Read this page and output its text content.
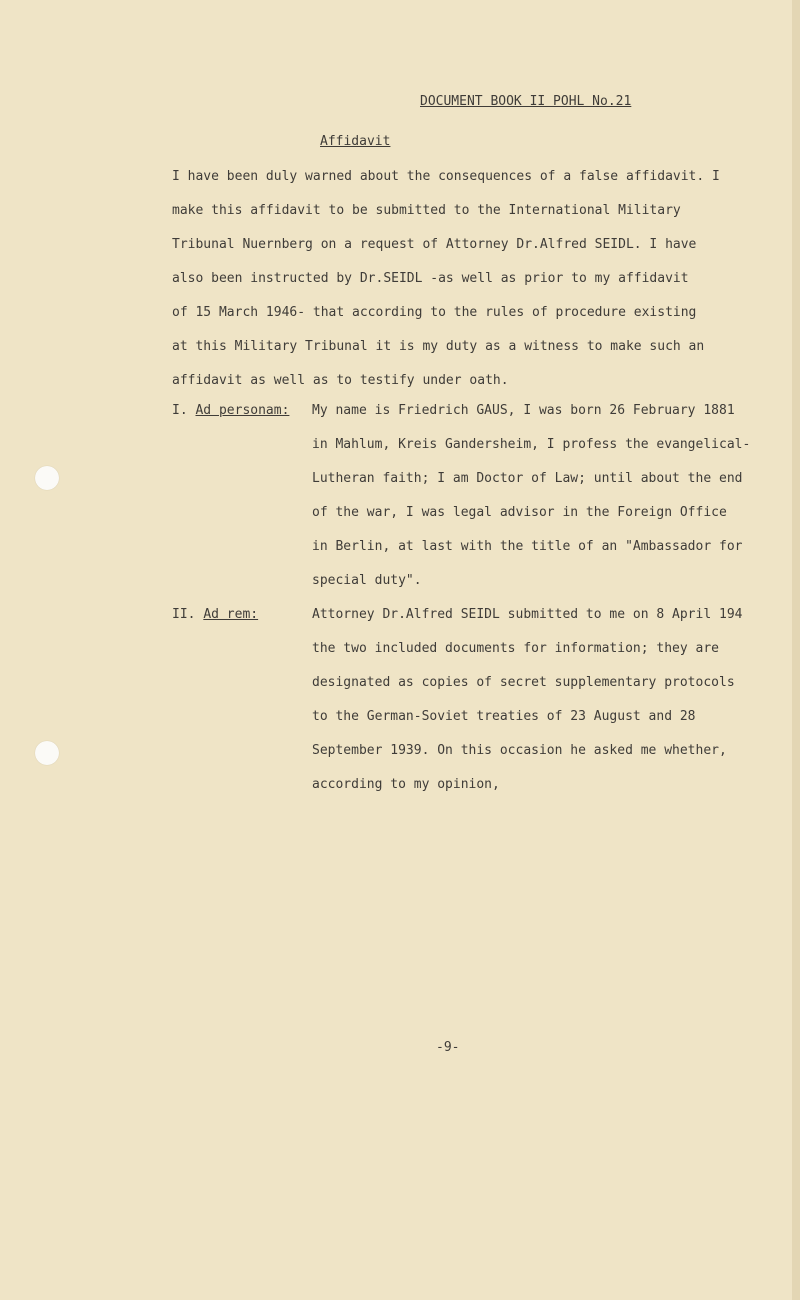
DOCUMENT BOOK II POHL No.21
Affidavit
I have been duly warned about the consequences of a false affidavit. I
make this affidavit to be submitted to the International Military
Tribunal Nuernberg on a request of Attorney Dr.Alfred SEIDL. I have
also been instructed by Dr.SEIDL -as well as prior to my affidavit
of 15 March 1946- that according to the rules of procedure existing
at this Military Tribunal it is my duty as a witness to make such an
affidavit as well as to testify under oath.
I. Ad personam: My name is Friedrich GAUS, I was born 26 February 1881
in Mahlum, Kreis Gandersheim, I profess the evangelical-
Lutheran faith; I am Doctor of Law; until about the end
of the war, I was legal advisor in the Foreign Office
in Berlin, at last with the title of an "Ambassador for
special duty".
II. Ad rem:	Attorney Dr.Alfred SEIDL submitted to me on 8 April 194
the two included documents for information; they are
designated as copies of secret supplementary protocols
to the German-Soviet treaties of 23 August and 28
September 1939. On this occasion he asked me whether,
according to my opinion,
-9-
